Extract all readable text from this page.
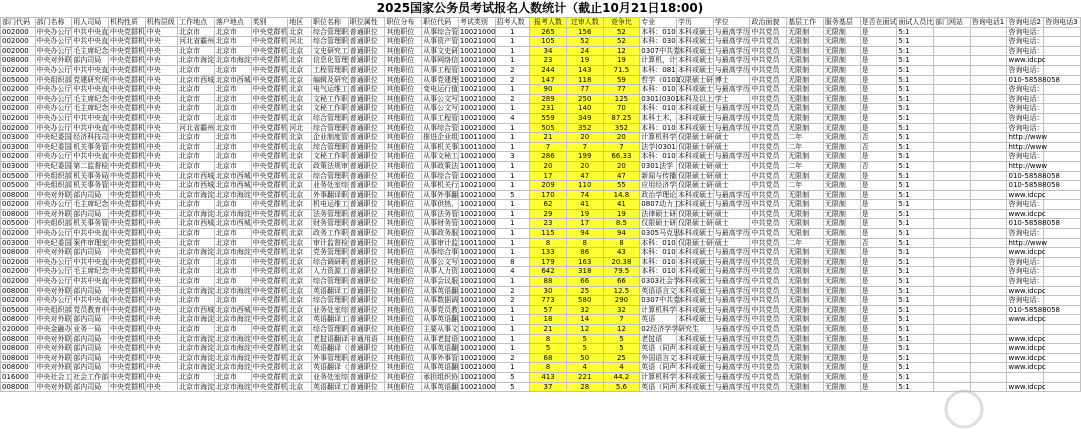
2025国家公务员考试报名人数统计（截止10月21日18:00)
部门代码	部门名称	用人司局	机构性质	机构层级	工作地点	落户地点	类别	地区	职位名称	职位属性	职位分布	职位代码	考试类别	招考人数	报考人数	过审人数	竞争比	专业	学历	学位	政治面貌	基层工作	服务基层	是否在面试	面试人员比	部门网站	咨询电话1	咨询电话2	咨询电话3
002000	中央办公厅	中共中央直	中央党群机	中央	北京市	北京市	中央党群机	北京	综合管理职	普通职位	其他职位	从事综合管	10021000	1	265	156	52	本科：010	本科或硕士	与最高学历	中共党员	无限制	无限制	是	5:1			咨询电话：	
002000	中央办公厅	中共中央直	中央党群机	中央	河北省霸州	北京市	中央党群机	河北	综合管理职	普通职位	其他职位	从事资产管	10021000	1	105	52	52	本科：030	本科或硕士	与最高学历	中共党员	无限制	无限制	是	5:1			咨询电话：	
002000	中央办公厅	毛主席纪念	中央党群机	中央	北京市	北京市	中央党群机	北京	文史研究工	普通职位	其他职位	从事文史研	10021000	1	34	24	12	0307中共党	本科或硕士	与最高学历	中共党员	无限制	无限制	是	5:1			咨询电话：	
008000	中央对外联	部内司局	中央党群机	中央	北京市海淀	北京市海淀	中央党群机	北京	信息化管理	普通职位	其他职位	从事网络信	10021000	1	23	19	19	计算机，计	本科或硕士	与最高学历	中共党员	无限制	无限制	是	5:1			www.idcpc	
002000	中央办公厅	中共中央直	中央党群机	中央	北京市	北京市	中央党群机	北京	工程管理职	普通职位	其他职位	从事工程管	10021000	2	244	143	71.5	本科：081	本科或硕士	与最高学历	中共党员	无限制	无限制	是	5:1			咨询电话：	
005000	中央组织部	党建研究所	中央党群机	中央	北京市西城	北京市西城	中央党群机	北京	编辑及研究	普通职位	其他职位	从事党建理	10021000	2	147	118	59	哲学（0101	仅限硕士研	博士	中共党员	无限制	无限制	是	5:1			010-58588058	
002000	中央办公厅	中共中央直	中央党群机	中央	北京市	北京市	中央党群机	北京	电气运维工	普通职位	其他职位	变电运行值	10021000	1	90	77	77	本科：010	本科或硕士	与最高学历	中共党员	无限制	无限制	是	5:1			咨询电话：	
002000	中央办公厅	毛主席纪念	中央党群机	中央	北京市	北京市	中央党群机	北京	文秘工作职	普通职位	其他职位	从事公文写	10021000	2	289	250	125	0301(0301	本科及以上	学士	中共党员	无限制	无限制	是	5:1			咨询电话：	
002000	中央办公厅	毛主席纪念	中央党群机	中央	北京市	北京市	中央党群机	北京	文秘工作职	普通职位	其他职位	从事公文写	10021000	1	231	140	70	本科：010	本科或硕士	与最高学历	中共党员	无限制	无限制	是	5:1			咨询电话：	
002000	中央办公厅	中共中央直	中央党群机	中央	北京市	北京市	中央党群机	北京	综合管理职	普通职位	其他职位	从事工程管	10021000	4	559	349	87.25	本科土木，	本科或硕士	与最高学历	中共党员	无限制	无限制	是	5:1			咨询电话：	
002000	中央办公厅	中共中央直	中央党群机	中央	河北省霸州	北京市	中央党群机	河北	综合管理职	普通职位	其他职位	从事综合管	10021000	1	505	352	352	本科：010	本科或硕士	与最高学历	中共党员	无限制	无限制	是	5:1			咨询电话：	
003000	中央纪委国	经济科技司	中央党群机	中央	北京市	北京市	中央党群机	北京	企业制度管	普通职位	其他职位	推进企业组	10011000	1	21	20	20	计算机科学	仅限硕士研	硕士	中共党员	二年	无限制	否	5:1			http://www	
003000	中央纪委国	机关事务管	中央党群机	中央	北京市	北京市	中央党群机	北京	综合管理职	普通职位	其他职位	从事机关事	10011000	1	7	7	7	法学(0301	仅限硕士研	硕士	中共党员	二年	无限制	否	5:1			http://www	
002000	中央办公厅	中共中央直	中央党群机	中央	北京市	北京市	中央党群机	北京	文秘工作职	普通职位	其他职位	从事文秘工	10021000	3	286	199	66.33	本科：010	本科或硕士	与最高学历	中共党员	无限制	无限制	是	5:1			咨询电话：	
003000	中央纪委国	第二监督检	中央党群机	中央	北京市	北京市	中央党群机	北京	政策法规审	普通职位	其他职位	从事政策法	10011000	1	20	20	20	0301法学	仅限硕士研	硕士	中共党员	二年	无限制	否	5:1			http://www	
005000	中央组织部	机关事务局	中央党群机	中央	北京市西城	北京市西城	中央党群机	北京	综合管理职	普通职位	其他职位	从事综合管	10021000	1	17	47	47	新闻与传播	仅限硕士研	硕士	中共党员	无限制	无限制	是	5:1			010-58588058	
005000	中央组织部	机关事务管	中央党群机	中央	北京市西城	北京市西城	中央党群机	北京	业务处室综	普通职位	其他职位	从事机关行	10021000	1	209	110	55	应用经济学	仅限硕士研	硕士	中共党员	二年	无限制	是	5:1			010-58588058	
008000	中央对外联	部内司局	中央党群机	中央	北京市海淀	北京市海淀	中央党群机	北京	外事翻译职	普通职位	其他职位	从事外事翻	10021000	5	170	74	14.8	政治学理论	本科或硕士	与最高学历	中共党员	无限制	无限制	是	5:1			www.idcpc	
002000	中央办公厅	毛主席纪念	中央党群机	中央	北京市	北京市	中央党群机	北京	机电运维工	普通职位	其他职位	从事供热、	10021000	1	62	41	41	0807动力工	本科或硕士	与最高学历	中共党员	无限制	无限制	是	5:1			咨询电话：	
008000	中央对外联	部内司局	中央党群机	中央	北京市海淀	北京市海淀	中央党群机	北京	法务管理职	普通职位	其他职位	从事法务管	10021000	1	29	19	19	法律硕士研	仅限硕士研	硕士	中共党员	无限制	无限制	是	5:1			www.idcpc	
005000	中央组织部	机关事务管	中央党群机	中央	北京市西城	北京市西城	中央党群机	北京	财务管理职	普通职位	其他职位	从事财务管	10021000	1	23	17	8.5	仅限硕士研	仅限硕士研	硕士	中共党员	无限制	无限制	是	5:1			010-58588058	
002000	中央办公厅	中共中央直	中央党群机	中央	北京市	北京市	中央党群机	北京	政务工作职	普通职位	其他职位	从事政务服	10021000	1	115	94	94	0305马克思	本科或硕士	与最高学历	中共党员	无限制	无限制	是	5:1			咨询电话：	
003000	中央纪委国	案件审理室	中央党群机	中央	北京市	北京市	中央党群机	北京	审计监督检	普通职位	其他职位	从事审计监	10011000	1	8	8	8	本科：010	仅限硕士研	硕士	中共党员	二年	无限制	否	5:1			http://www	
008000	中央对外联	部内司局	中央党群机	中央	北京市海淀	北京市海淀	中央党群机	北京	党务管理职	普通职位	其他职位	从事综合事	10021000	1	133	86	43	本科：010	本科或硕士	与最高学历	中共党员	无限制	无限制	是	5:1			www.idcpc	
002000	中央办公厅	中共中央直	中央党群机	中央	北京市	北京市	中央党群机	北京	综合调研职	普通职位	其他职位	从事公文写	10021000	8	179	163	20.38	本科：010	本科或硕士	与最高学历	中共党员	无限制	无限制	是	5:1			咨询电话：	
002000	中央办公厅	毛主席纪念	中央党群机	中央	北京市	北京市	中央党群机	北京	人力资源工	普通职位	其他职位	从事人力资	10021000	4	642	318	79.5	本科：010	本科或硕士	与最高学历	中共党员	无限制	无限制	是	5:1			咨询电话：	
002000	中央办公厅	中共中央直	中央党群机	中央	北京市	北京市	中央党群机	北京	综合管理职	普通职位	其他职位	从事会议服	10021000	1	88	66	66	0303社会学	本科或硕士	与最高学历	中共党员	无限制	无限制	是	5:1			咨询电话：	
008000	中央对外联	部内司局	中央党群机	中央	北京市海淀	北京市海淀	中央党群机	北京	英语翻译工	普通职位	其他职位	从事英语翻	10021000	2	30	25	12.5	英语语言文	本科或硕士	与最高学历	中共党员	无限制	无限制	是	5:1			www.idcpc	
002000	中央办公厅	中共中央直	中央党群机	中央	北京市	北京市	中央党群机	北京	综合管理职	普通职位	其他职位	从事数据调	10021000	2	773	580	290	0307中共党	本科或硕士	与最高学历	中共党员	无限制	无限制	是	5:1			咨询电话：	
005000	中央组织部	党员教育中	中央党群机	中央	北京市西城	北京市西城	中央党群机	北京	业务处室综	普通职位	其他职位	从事党员教	10021000	1	57	32	32	计算机科学	本科或硕士	与最高学历	中共党员	无限制	无限制	是	5:1			010-58588058	
008000	中央对外联	部内司局	中央党群机	中央	北京市海淀	北京市海淀	中央党群机	北京	英语翻译工	普通职位	其他职位	从事英语翻	10021000	1	18	14	7	英语	本科或硕士	与最高学历	中共党员	无限制	无限制	是	5:1			www.idcpc	
020000	中央金融办	业务一局	中央党群机	中央	北京市	北京市	中央党群机	北京	综合管理职	普通职位	其他职位	主要从事文	10021000	1	21	12	12	02经济学学	研究生	与最高学历	中共党员	无限制	无限制	是	5:1				
008000	中央对外联	部内司局	中央党群机	中央	北京市海淀	北京市海淀	中央党群机	北京	老挝语翻译	非通用语	其他职位	从事老挝语	10021000	1	8	5	5	老挝语	本科或硕士	与最高学历	中共党员	无限制	无限制	是	5:1			www.idcpc	
008000	中央对外联	部内司局	中央党群机	中央	北京市海淀	北京市海淀	中央党群机	北京	英语翻译（	普通职位	其他职位	从事英语翻	10021000	1	5	5	5	英语（同声	本科或硕士	与最高学历	中共党员	无限制	无限制	是	5:1			www.idcpc	
008000	中央对外联	部内司局	中央党群机	中央	北京市海淀	北京市海淀	中央党群机	北京	外事管理职	普通职位	其他职位	从事外事管	10021000	2	68	50	25	外国语言文	本科或硕士	与最高学历	中共党员	无限制	无限制	是	5:1			www.idcpc	
008000	中央对外联	部内司局	中央党群机	中央	北京市海淀	北京市海淀	中央党群机	北京	英语翻译（	普通职位	其他职位	从事英语翻	10021000	1	8	4	4	英语（同声	本科或硕士	与最高学历	中共党员	无限制	无限制	是	5:1			www.idcpc	
016000	中央社会工	社会工作部	中央党群机	中央	北京市	北京市	中央党群机	北京	业务处室综	普通职位	其他职位	承担组织协	10021000	5	413	221	44.2	计算机科学	本科或硕士	与最高学历	中共党员	无限制	无限制	是	5:1				
008000	中央对外联	部内司局	中央党群机	中央	北京市海淀	北京市海淀	中央党群机	北京	英语翻译工	普通职位	其他职位	从事英语翻	10021000	5	37	28	5.6	英语（同声	本科或硕士	与最高学历	中共党员	无限制	无限制	是	5:1			www.idcpc	
